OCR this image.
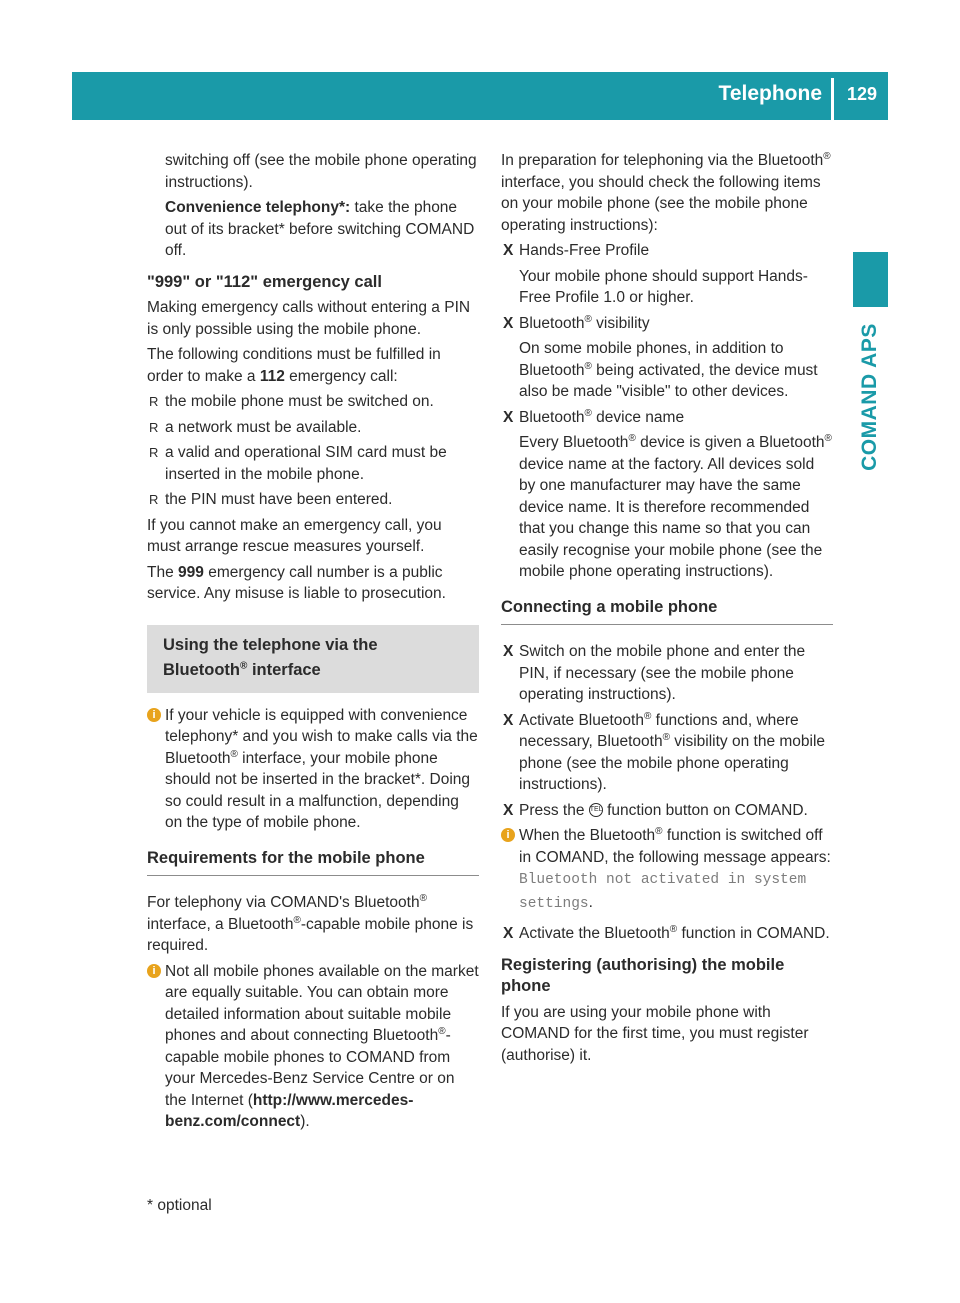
Telephone	129
COMAND APS

switching off (see the mobile phone operating instructions).

Convenience telephony*: take the phone out of its bracket* before switching COMAND off.

"999" or "112" emergency call

Making emergency calls without entering a PIN is only possible using the mobile phone.

The following conditions must be fulfilled in order to make a 112 emergency call:

R the mobile phone must be switched on.
R a network must be available.
R a valid and operational SIM card must be inserted in the mobile phone.
R the PIN must have been entered.

If you cannot make an emergency call, you must arrange rescue measures yourself.

The 999 emergency call number is a public service. Any misuse is liable to prosecution.

Using the telephone via the Bluetooth® interface
i If your vehicle is equipped with convenience telephony* and you wish to make calls via the Bluetooth® interface, your mobile phone should not be inserted in the bracket*. Doing so could result in a malfunction, depending on the type of mobile phone.
Requirements for the mobile phone

For telephony via COMAND's Bluetooth® interface, a Bluetooth®-capable mobile phone is required.

i Not all mobile phones available on the market are equally suitable. You can obtain more detailed information about suitable mobile phones and about connecting Bluetooth®-capable mobile phones to COMAND from your Mercedes-Benz Service Centre or on the Internet (http://www.mercedes-benz.com/connect).

In preparation for telephoning via the Bluetooth® interface, you should check the following items on your mobile phone (see the mobile phone operating instructions):

X Hands-Free Profile

Your mobile phone should support Hands-Free Profile 1.0 or higher.

X Bluetooth® visibility

On some mobile phones, in addition to Bluetooth® being activated, the device must also be made "visible" to other devices.

X Bluetooth® device name

Every Bluetooth® device is given a Bluetooth® device name at the factory. All devices sold by one manufacturer may have the same device name. It is therefore recommended that you change this name so that you can easily recognise your mobile phone (see the mobile phone operating instructions).

Connecting a mobile phone
X Switch on the mobile phone and enter the PIN, if necessary (see the mobile phone operating instructions).
X Activate Bluetooth® functions and, where necessary, Bluetooth® visibility on the mobile phone (see the mobile phone operating instructions).
X Press the TEL function button on COMAND.
i When the Bluetooth® function is switched off in COMAND, the following message appears: Bluetooth not activated in system settings.
X Activate the Bluetooth® function in COMAND.
Registering (authorising) the mobile phone

If you are using your mobile phone with COMAND for the first time, you must register (authorise) it.

* optional
